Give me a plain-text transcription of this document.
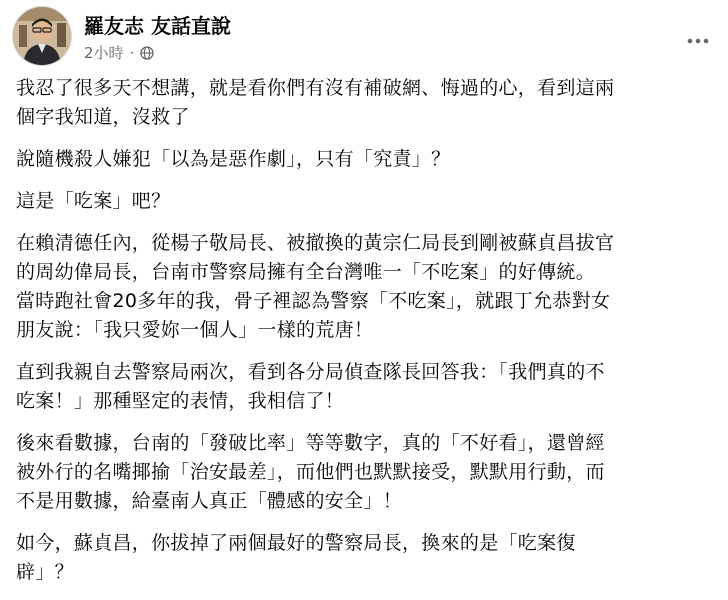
羅友志 友話直說
2小時 ·

我忍了很多天不想講，就是看你們有沒有補破網、悔過的心，看到這兩
個字我知道，沒救了

說隨機殺人嫌犯「以為是惡作劇」，只有「究責」？

這是「吃案」吧？

在賴清德任內，從楊子敬局長、被撤換的黃宗仁局長到剛被蘇貞昌拔官
的周幼偉局長，台南市警察局擁有全台灣唯一「不吃案」的好傳統。
當時跑社會20多年的我，骨子裡認為警察「不吃案」，就跟丁允恭對女
朋友說：「我只愛妳一個人」一樣的荒唐！

直到我親自去警察局兩次，看到各分局偵查隊長回答我：「我們真的不
吃案！」那種堅定的表情，我相信了！

後來看數據，台南的「發破比率」等等數字，真的「不好看」，還曾經
被外行的名嘴揶揄「治安最差」，而他們也默默接受，默默用行動，而
不是用數據，給臺南人真正「體感的安全」！

如今，蘇貞昌，你拔掉了兩個最好的警察局長，換來的是「吃案復
辟」？
